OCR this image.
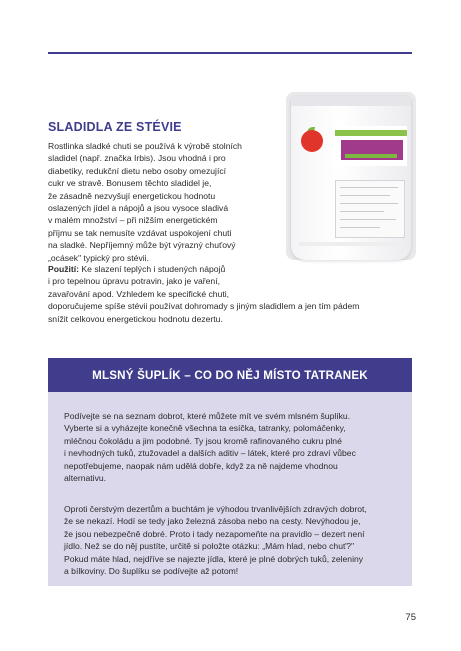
SLADIDLA ZE STÉVIE
Rostlinka sladké chuti se používá k výrobě stolních
sladidel (např. značka Irbis). Jsou vhodná i pro
diabetiky, redukční dietu nebo osoby omezující
cukr ve stravě. Bonusem těchto sladidel je,
že zásadně nezvyšují energetickou hodnotu
oslazených jídel a nápojů a jsou vysoce sladivá
v malém množství – při nižším energetickém
příjmu se tak nemusíte vzdávat uspokojení chuti
na sladké. Nepříjemný může být výrazný chuťový
„ocásek" typický pro stévii.
Použití: Ke slazení teplých i studených nápojů
i pro tepelnou úpravu potravin, jako je vaření,
zavařování apod. Vzhledem ke specifické chuti,
doporučujeme spíše stévii používat dohromady s jiným sladidlem a jen tím pádem
snížit celkovou energetickou hodnotu dezertu.
MLSNÝ ŠUPLÍK – CO DO NĚJ MÍSTO TATRANEK
Podívejte se na seznam dobrot, které můžete mít ve svém mlsném šuplíku.
Vyberte si a vyházejte konečně všechna ta esíčka, tatranky, polomáčenky,
mléčnou čokoládu a jim podobné. Ty jsou kromě rafinovaného cukru plné
i nevhodných tuků, ztužovadel a dalších aditiv – látek, které pro zdraví vůbec
nepotřebujeme, naopak nám udělá dobře, když za ně najdeme vhodnou
alternativu.
Oproti čerstvým dezertům a buchtám je výhodou trvanlivějších zdravých dobrot,
že se nekazí. Hodí se tedy jako železná zásoba nebo na cesty. Nevýhodou je,
že jsou nebezpečně dobré. Proto i tady nezapomeňte na pravidlo – dezert není
jídlo. Než se do něj pustíte, určitě si položte otázku: „Mám hlad, nebo chuť?"
Pokud máte hlad, nejdříve se najezte jídla, které je plné dobrých tuků, zeleniny
a bílkoviny. Do šuplíku se podívejte až potom!
75
